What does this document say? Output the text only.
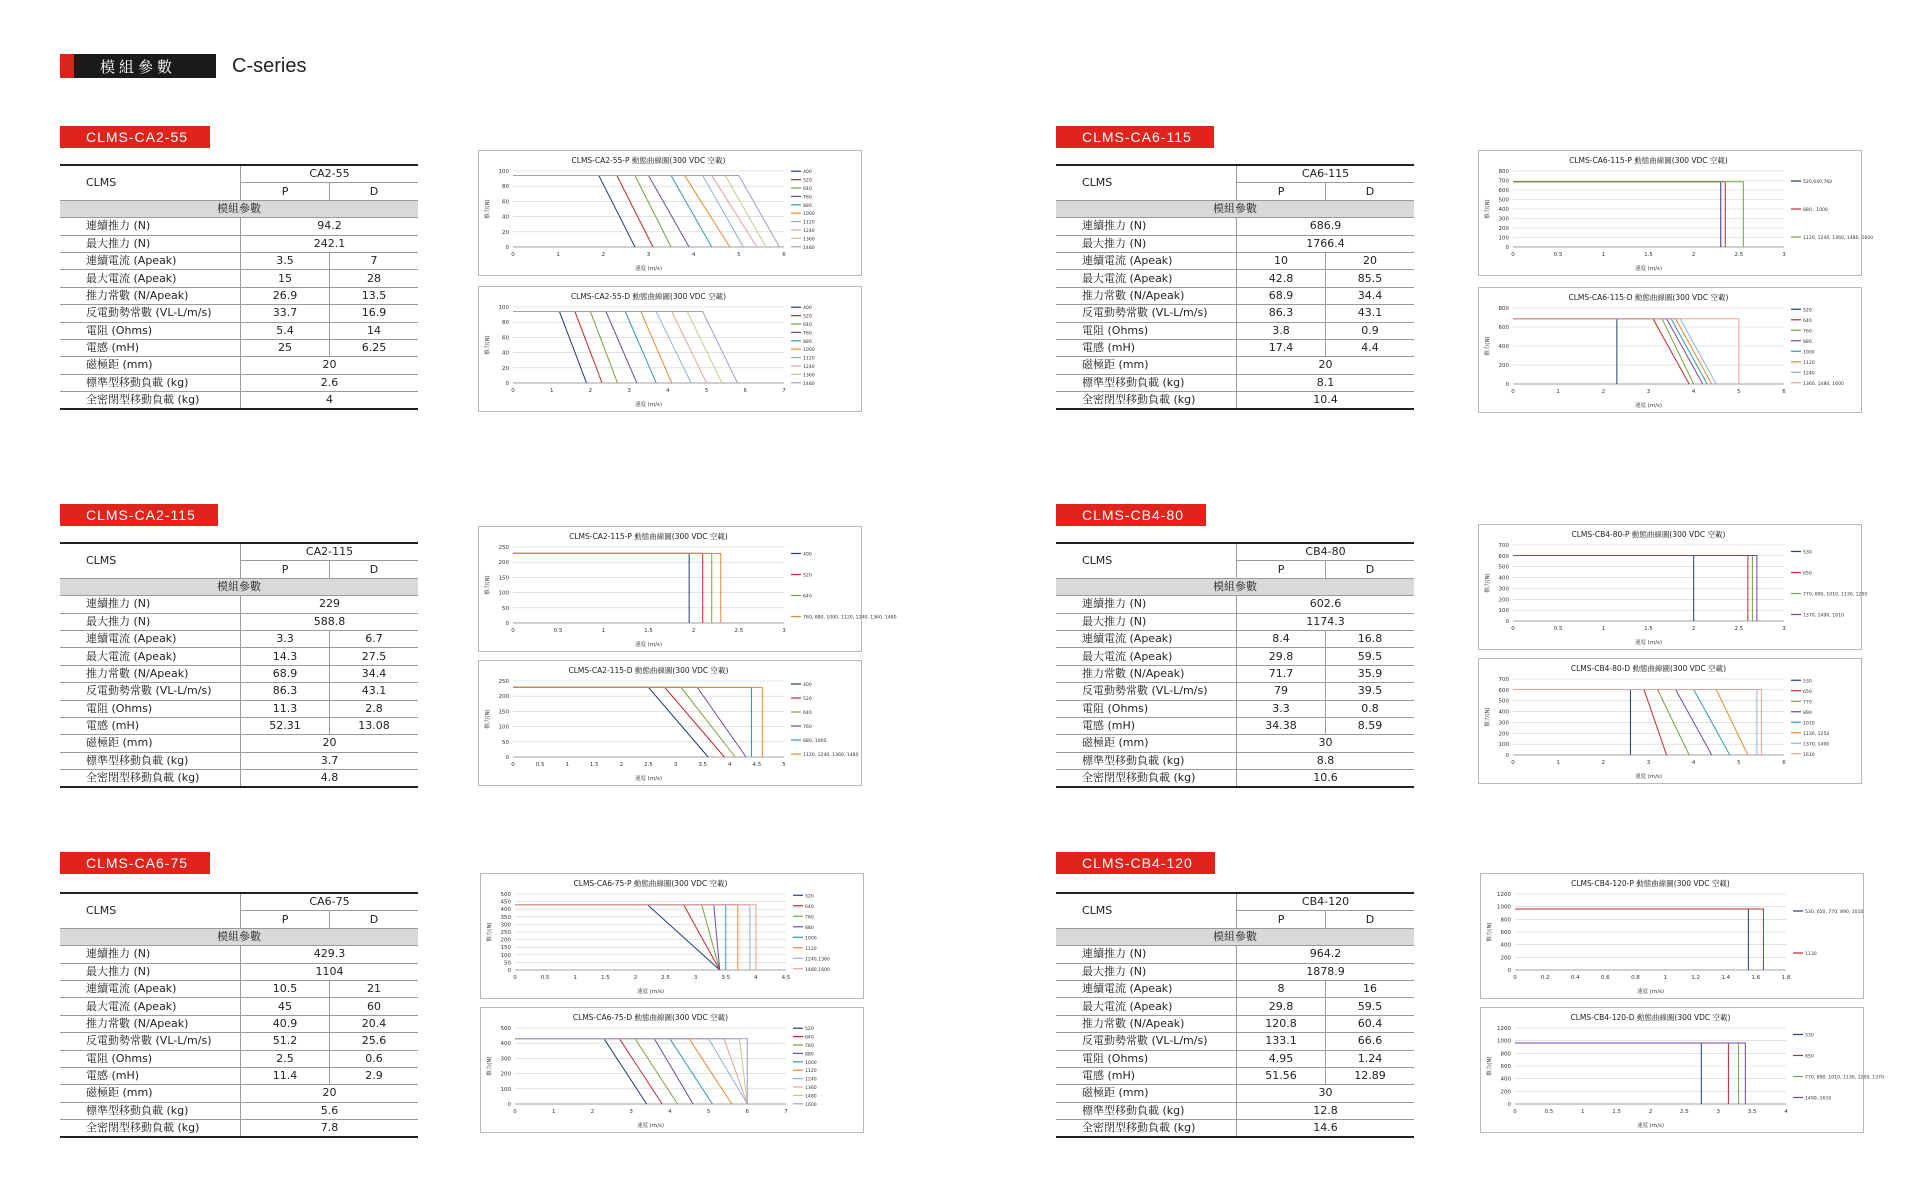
模組參數	C-series
CLMS-CA2-55
CLMS	CA2-55	
	P	D
模組參數		
連續推力 (N)	94.2	
最大推力 (N)	242.1	
連續電流 (Apeak)	3.5	7
最大電流 (Apeak)	15	28
推力常數 (N/Apeak)	26.9	13.5
反電動勢常數 (VL-L/m/s)	33.7	16.9
電阻 (Ohms)	5.4	14
電感 (mH)	25	6.25
磁極距 (mm)	20	
標準型移動負載 (kg)	2.6	
全密閉型移動負載 (kg)	4	
CLMS-CA2-55-P 動態曲線圖(300 VDC 空載)
0
20
40
60
80
100
0	1	2	3	4	5	6
速度 (m/s)
推力(N)
400
520
640
760
880
1000
1120
1240
1360
1480
CLMS-CA2-55-D 動態曲線圖(300 VDC 空載)
0
20
40
60
80
100
0	1	2	3	4	5	6	7
速度 (m/s)
推力(N)
400
520
640
760
880
1000
1120
1240
1360
1480
CLMS-CA2-115
CLMS	CA2-115	
	P	D
模組參數		
連續推力 (N)	229	
最大推力 (N)	588.8	
連續電流 (Apeak)	3.3	6.7
最大電流 (Apeak)	14.3	27.5
推力常數 (N/Apeak)	68.9	34.4
反電動勢常數 (VL-L/m/s)	86.3	43.1
電阻 (Ohms)	11.3	2.8
電感 (mH)	52.31	13.08
磁極距 (mm)	20	
標準型移動負載 (kg)	3.7	
全密閉型移動負載 (kg)	4.8	
CLMS-CA2-115-P 動態曲線圖(300 VDC 空載)
0
50
100
150
200
250
0	0.5	1	1.5	2	2.5	3
速度 (m/s)
推力(N)
400
520
640
760, 880, 1000, 1120, 1240, 1360, 1480
CLMS-CA2-115-D 動態曲線圖(300 VDC 空載)
0
50
100
150
200
250
0	0.5	1	1.5	2	2.5	3	3.5	4	4.5	5
速度 (m/s)
推力(N)
400
520
640
760
880, 1000
1120, 1240, 1360, 1480
CLMS-CA6-75
CLMS	CA6-75	
	P	D
模組參數		
連續推力 (N)	429.3	
最大推力 (N)	1104	
連續電流 (Apeak)	10.5	21
最大電流 (Apeak)	45	60
推力常數 (N/Apeak)	40.9	20.4
反電動勢常數 (VL-L/m/s)	51.2	25.6
電阻 (Ohms)	2.5	0.6
電感 (mH)	11.4	2.9
磁極距 (mm)	20	
標準型移動負載 (kg)	5.6	
全密閉型移動負載 (kg)	7.8	
CLMS-CA6-75-P 動態曲線圖(300 VDC 空載)
0
50
100
150
200
250
300
350
400
450
500
0	0.5	1	1.5	2	2.5	3	3.5	4	4.5
速度 (m/s)
推力(N)
520
640
760
880
1000
1120
1240,1360
1480,1600
CLMS-CA6-75-D 動態曲線圖(300 VDC 空載)
0
100
200
300
400
500
0	1	2	3	4	5	6	7
速度 (m/s)
推力(N)
520
640
760
880
1000
1120
1240
1360
1480
1600
CLMS-CA6-115
CLMS	CA6-115	
	P	D
模組參數		
連續推力 (N)	686.9	
最大推力 (N)	1766.4	
連續電流 (Apeak)	10	20
最大電流 (Apeak)	42.8	85.5
推力常數 (N/Apeak)	68.9	34.4
反電動勢常數 (VL-L/m/s)	86.3	43.1
電阻 (Ohms)	3.8	0.9
電感 (mH)	17.4	4.4
磁極距 (mm)	20	
標準型移動負載 (kg)	8.1	
全密閉型移動負載 (kg)	10.4	
CLMS-CA6-115-P 動態曲線圖(300 VDC 空載)
0
100
200
300
400
500
600
700
800
0	0.5	1	1.5	2	2.5	3
速度 (m/s)
推力(N)
520,640,760
880 , 1000
1120, 1240, 1360, 1480, 1600
CLMS-CA6-115-D 動態曲線圖(300 VDC 空載)
0
200
400
600
800
0	1	2	3	4	5	6
速度 (m/s)
推力(N)
520
640
760
880
1000
1120
1240
1360, 1480, 1600
CLMS-CB4-80
CLMS	CB4-80	
	P	D
模組參數		
連續推力 (N)	602.6	
最大推力 (N)	1174.3	
連續電流 (Apeak)	8.4	16.8
最大電流 (Apeak)	29.8	59.5
推力常數 (N/Apeak)	71.7	35.9
反電動勢常數 (VL-L/m/s)	79	39.5
電阻 (Ohms)	3.3	0.8
電感 (mH)	34.38	8.59
磁極距 (mm)	30	
標準型移動負載 (kg)	8.8	
全密閉型移動負載 (kg)	10.6	
CLMS-CB4-80-P 動態曲線圖(300 VDC 空載)
0
100
200
300
400
500
600
700
0	0.5	1	1.5	2	2.5	3
速度 (m/s)
推力(N)
530
650
770, 890, 1010, 1130, 1250
1370, 1490, 1610
CLMS-CB4-80-D 動態曲線圖(300 VDC 空載)
0
100
200
300
400
500
600
700
0	1	2	3	4	5	6
速度 (m/s)
推力(N)
530
650
770
890
1010
1130, 1250
1370, 1490
1610
CLMS-CB4-120
CLMS	CB4-120	
	P	D
模組參數		
連續推力 (N)	964.2	
最大推力 (N)	1878.9	
連續電流 (Apeak)	8	16
最大電流 (Apeak)	29.8	59.5
推力常數 (N/Apeak)	120.8	60.4
反電動勢常數 (VL-L/m/s)	133.1	66.6
電阻 (Ohms)	4.95	1.24
電感 (mH)	51.56	12.89
磁極距 (mm)	30	
標準型移動負載 (kg)	12.8	
全密閉型移動負載 (kg)	14.6	
CLMS-CB4-120-P 動態曲線圖(300 VDC 空載)
0
200
400
600
800
1000
1200
0	0.2	0.4	0.6	0.8	1	1.2	1.4	1.6	1.8
速度 (m/s)
推力(N)
530, 650, 770, 890, 1010
1130
CLMS-CB4-120-D 動態曲線圖(300 VDC 空載)
0
200
400
600
800
1000
1200
0	0.5	1	1.5	2	2.5	3	3.5	4
速度 (m/s)
推力(N)
530
650
770, 890, 1010, 1130, 1250, 1370
1490, 1610
